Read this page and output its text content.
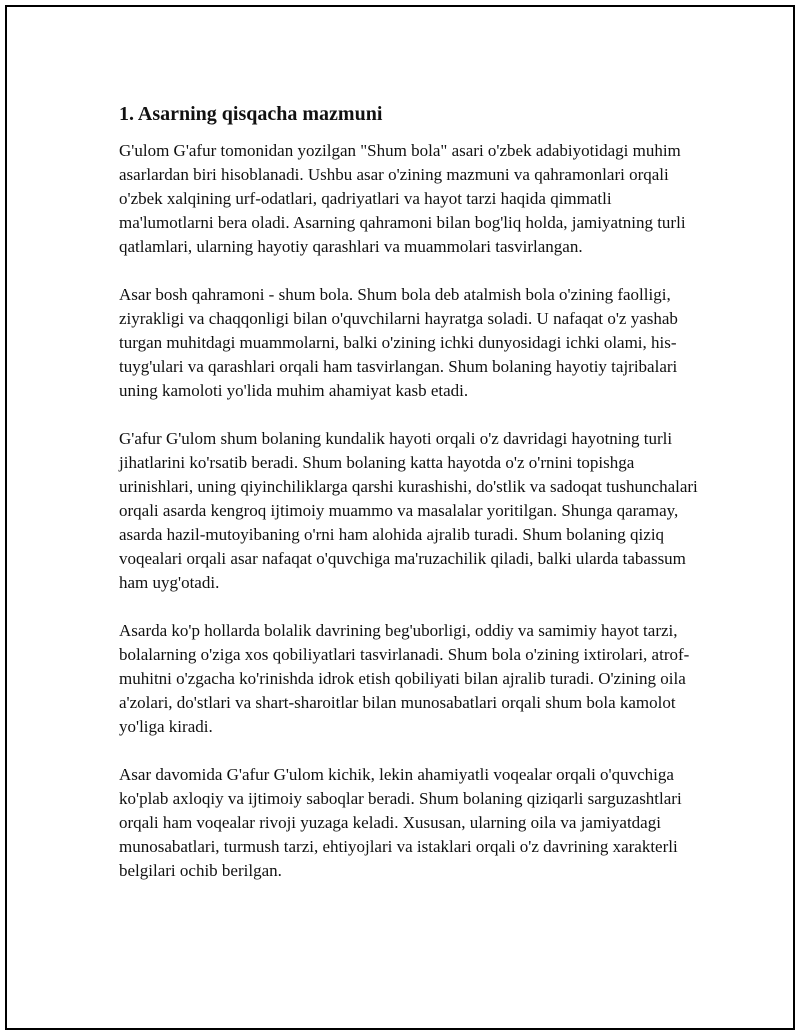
1. Asarning qisqacha mazmuni

G'ulom G'afur tomonidan yozilgan "Shum bola" asari o'zbek adabiyotidagi muhim asarlardan biri hisoblanadi. Ushbu asar o'zining mazmuni va qahramonlari orqali o'zbek xalqining urf-odatlari, qadriyatlari va hayot tarzi haqida qimmatli ma'lumotlarni bera oladi. Asarning qahramoni bilan bog'liq holda, jamiyatning turli qatlamlari, ularning hayotiy qarashlari va muammolari tasvirlangan.

Asar bosh qahramoni - shum bola. Shum bola deb atalmish bola o'zining faolligi, ziyrakligi va chaqqonligi bilan o'quvchilarni hayratga soladi. U nafaqat o'z yashab turgan muhitdagi muammolarni, balki o'zining ichki dunyosidagi ichki olami, his-tuyg'ulari va qarashlari orqali ham tasvirlangan. Shum bolaning hayotiy tajribalari uning kamoloti yo'lida muhim ahamiyat kasb etadi.

G'afur G'ulom shum bolaning kundalik hayoti orqali o'z davridagi hayotning turli jihatlarini ko'rsatib beradi. Shum bolaning katta hayotda o'z o'rnini topishga urinishlari, uning qiyinchiliklarga qarshi kurashishi, do'stlik va sadoqat tushunchalari orqali asarda kengroq ijtimoiy muammo va masalalar yoritilgan. Shunga qaramay, asarda hazil-mutoyibaning o'rni ham alohida ajralib turadi. Shum bolaning qiziq voqealari orqali asar nafaqat o'quvchiga ma'ruzachilik qiladi, balki ularda tabassum ham uyg'otadi.

Asarda ko'p hollarda bolalik davrining beg'uborligi, oddiy va samimiy hayot tarzi, bolalarning o'ziga xos qobiliyatlari tasvirlanadi. Shum bola o'zining ixtirolari, atrof-muhitni o'zgacha ko'rinishda idrok etish qobiliyati bilan ajralib turadi. O'zining oila a'zolari, do'stlari va shart-sharoitlar bilan munosabatlari orqali shum bola kamolot yo'liga kiradi.

Asar davomida G'afur G'ulom kichik, lekin ahamiyatli voqealar orqali o'quvchiga ko'plab axloqiy va ijtimoiy saboqlar beradi. Shum bolaning qiziqarli sarguzashtlari orqali ham voqealar rivoji yuzaga keladi. Xususan, ularning oila va jamiyatdagi munosabatlari, turmush tarzi, ehtiyojlari va istaklari orqali o'z davrining xarakterli belgilari ochib berilgan.
